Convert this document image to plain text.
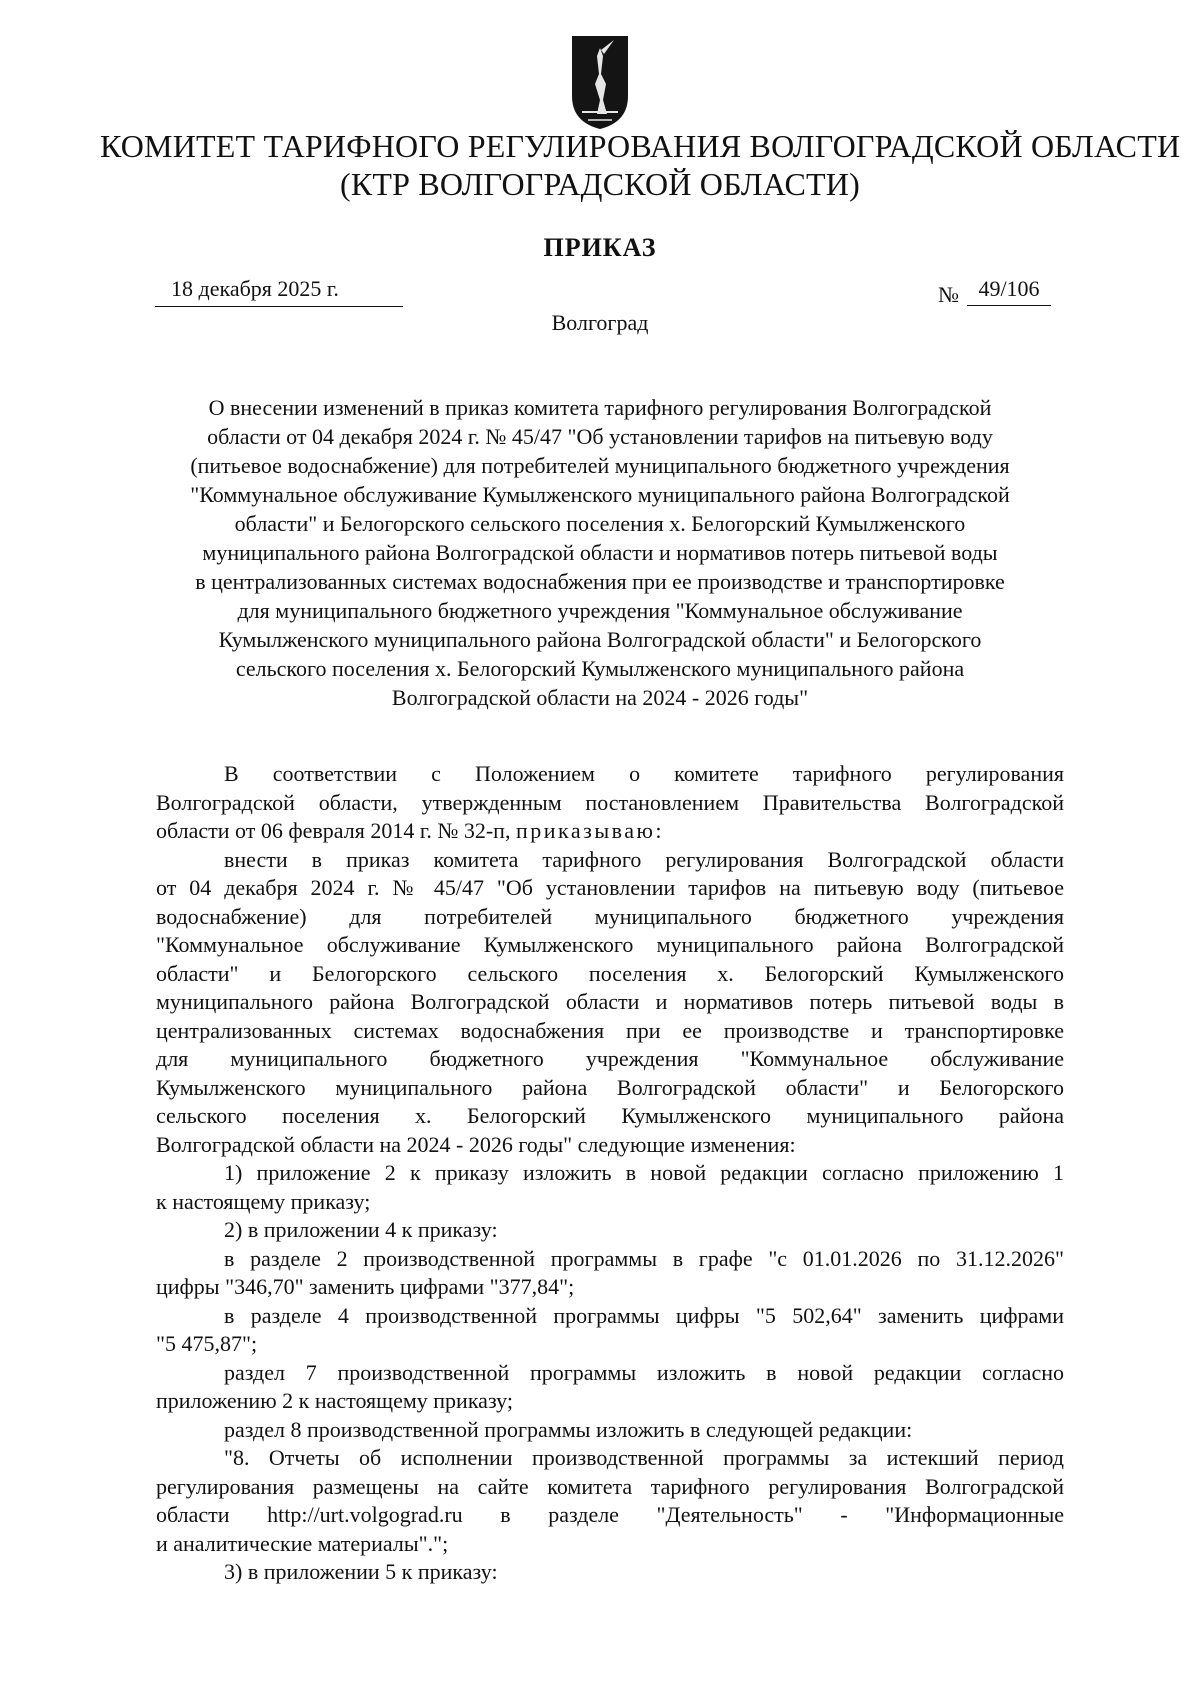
КОМИТЕТ ТАРИФНОГО РЕГУЛИРОВАНИЯ ВОЛГОГРАДСКОЙ ОБЛАСТИ
(КТР ВОЛГОГРАДСКОЙ ОБЛАСТИ)
ПРИКАЗ
18 декабря 2025 г.	№ 49/106
Волгоград
О внесении изменений в приказ комитета тарифного регулирования Волгоградской
области от 04 декабря 2024 г. № 45/47 "Об установлении тарифов на питьевую воду
(питьевое водоснабжение) для потребителей муниципального бюджетного учреждения
"Коммунальное обслуживание Кумылженского муниципального района Волгоградской
области" и Белогорского сельского поселения х. Белогорский Кумылженского
муниципального района Волгоградской области и нормативов потерь питьевой воды
в централизованных системах водоснабжения при ее производстве и транспортировке
для муниципального бюджетного учреждения "Коммунальное обслуживание
Кумылженского муниципального района Волгоградской области" и Белогорского
сельского поселения х. Белогорский Кумылженского муниципального района
Волгоградской области на 2024 - 2026 годы"

В соответствии с Положением о комитете тарифного регулирования

Волгоградской области, утвержденным постановлением Правительства Волгоградской

области от 06 февраля 2014 г. № 32-п, приказываю:

внести в приказ комитета тарифного регулирования Волгоградской области

от 04 декабря 2024 г. № 45/47 "Об установлении тарифов на питьевую воду (питьевое

водоснабжение) для потребителей муниципального бюджетного учреждения

"Коммунальное обслуживание Кумылженского муниципального района Волгоградской

области" и Белогорского сельского поселения х. Белогорский Кумылженского

муниципального района Волгоградской области и нормативов потерь питьевой воды в

централизованных системах водоснабжения при ее производстве и транспортировке

для муниципального бюджетного учреждения "Коммунальное обслуживание

Кумылженского муниципального района Волгоградской области" и Белогорского

сельского поселения х. Белогорский Кумылженского муниципального района

Волгоградской области на 2024 - 2026 годы" следующие изменения:

1) приложение 2 к приказу изложить в новой редакции согласно приложению 1

к настоящему приказу;

2) в приложении 4 к приказу:

в разделе 2 производственной программы в графе "с 01.01.2026 по 31.12.2026"

цифры "346,70" заменить цифрами "377,84";

в разделе 4 производственной программы цифры "5 502,64" заменить цифрами

"5 475,87";

раздел 7 производственной программы изложить в новой редакции согласно

приложению 2 к настоящему приказу;

раздел 8 производственной программы изложить в следующей редакции:

"8. Отчеты об исполнении производственной программы за истекший период

регулирования размещены на сайте комитета тарифного регулирования Волгоградской

области http://urt.volgograd.ru в разделе "Деятельность" - "Информационные

и аналитические материалы".";

3) в приложении 5 к приказу:
